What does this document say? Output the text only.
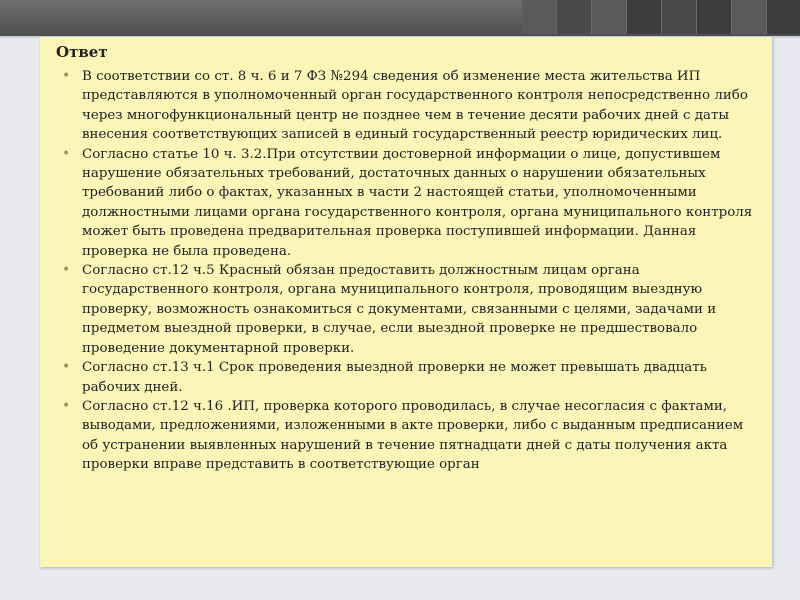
Ответ
• В соответствии со ст. 8 ч. 6 и 7 ФЗ №294 сведения об изменение места жительства ИП представляются в уполномоченный орган государственного контроля непосредственно либо через многофункциональный центр не позднее чем в течение десяти рабочих дней с даты внесения соответствующих записей в единый государственный реестр юридических лиц.
• Согласно статье 10 ч. 3.2.При отсутствии достоверной информации о лице, допустившем нарушение обязательных требований, достаточных данных о нарушении обязательных требований либо о фактах, указанных в части 2 настоящей статьи, уполномоченными должностными лицами органа государственного контроля, органа муниципального контроля может быть проведена предварительная проверка поступившей информации. Данная проверка не была проведена.
• Согласно ст.12 ч.5 Красный обязан предоставить должностным лицам органа государственного контроля, органа муниципального контроля, проводящим выездную проверку, возможность ознакомиться с документами, связанными с целями, задачами и предметом выездной проверки, в случае, если выездной проверке не предшествовало проведение документарной проверки.
• Согласно ст.13 ч.1 Срок проведения выездной проверки не может превышать двадцать рабочих дней.
• Согласно ст.12 ч.16 .ИП, проверка которого проводилась, в случае несогласия с фактами, выводами, предложениями, изложенными в акте проверки, либо с выданным предписанием об устранении выявленных нарушений в течение пятнадцати дней с даты получения акта проверки вправе представить в соответствующие орган
